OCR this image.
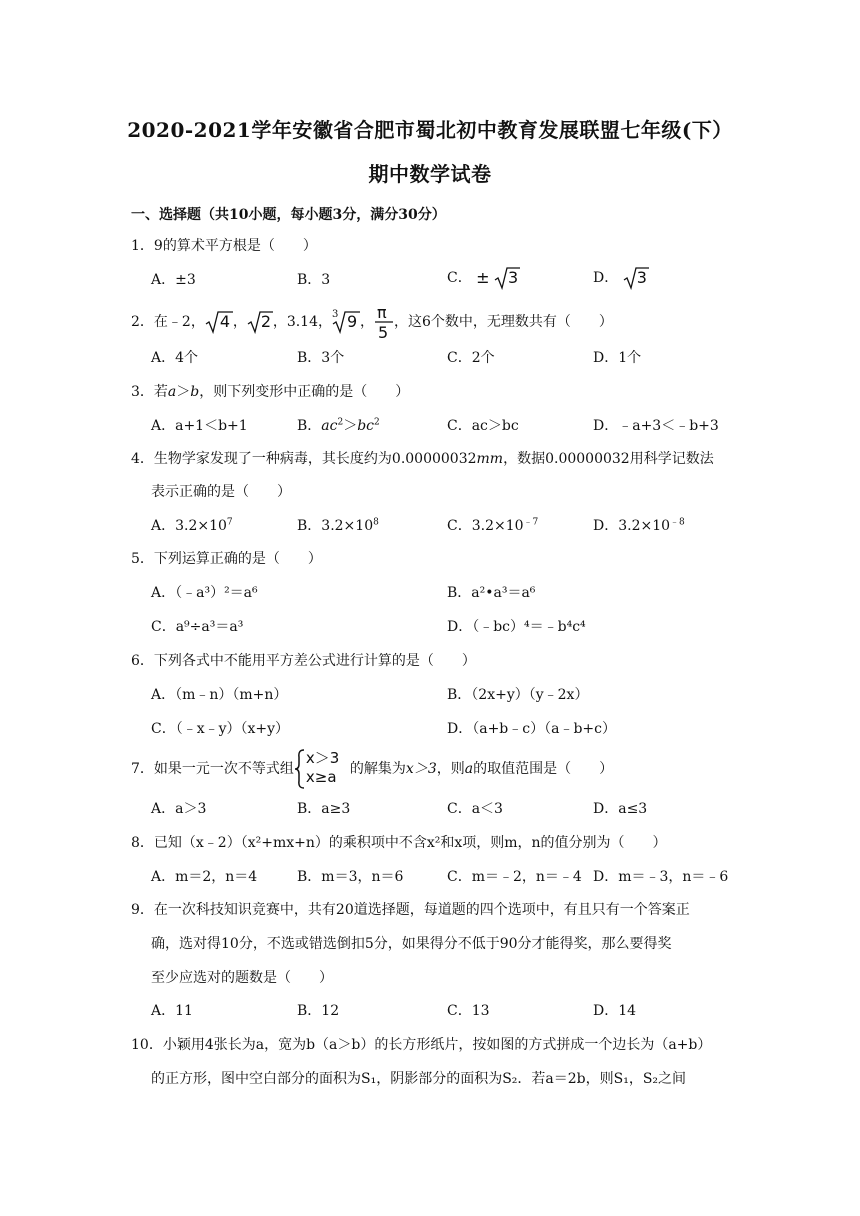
2020-2021学年安徽省合肥市蜀北初中教育发展联盟七年级(下）
期中数学试卷
一、选择题（共10小题，每小题3分，满分30分）
1．9的算术平方根是（　　）
A．±3	B．3	C． ± 3	D． 3
2．在﹣2， 4 ， 2 ，3.14， 3 9 ， π
5
，这6个数中，无理数共有（　　）
A．4个	B．3个	C．2个	D．1个
3．若a＞b，则下列变形中正确的是（　　）
A．a+1＜b+1	B．$ac^2>bc^2$	C．ac＞bc	D．﹣a+3＜﹣b+3
4．生物学家发现了一种病毒，其长度约为0.00000032mm，数据0.00000032用科学记数法
表示正确的是（　　）
A．$3.2\times 10^7$	B．$3.2\times 10^8$	C．$3.2\times 10^{﹣7}$	D．$3.2\times 10^{﹣8}$
5．下列运算正确的是（　　）
A．（﹣a³）²＝a⁶	B．a²•a³＝a⁶
C．a⁹÷a³＝a³	D．（﹣bc）⁴＝﹣b⁴c⁴
6．下列各式中不能用平方差公式进行计算的是（　　）
A．（m﹣n）（m+n）	B．（2x+y）（y﹣2x）
C．（﹣x﹣y）（x+y）	D．（a+b﹣c）（a﹣b+c）
7．如果一元一次不等式组
x＞3
x≥a 的解集为x＞3，则a的取值范围是（　　）
A．a＞3	B．a≥3	C．a＜3	D．a≤3
8．已知（x﹣2）（x²+mx+n）的乘积项中不含x²和x项，则m，n的值分别为（　　）
A．m＝2，n＝4	B．m＝3，n＝6	C．m＝﹣2，n＝﹣4 D．m＝﹣3，n＝﹣6
9．在一次科技知识竞赛中，共有20道选择题，每道题的四个选项中，有且只有一个答案正
确，选对得10分，不选或错选倒扣5分，如果得分不低于90分才能得奖，那么要得奖
至少应选对的题数是（　　）
A．11	B．12	C．13	D．14
10．小颖用4张长为a，宽为b（a＞b）的长方形纸片，按如图的方式拼成一个边长为（a+b）
的正方形，图中空白部分的面积为S₁，阴影部分的面积为S₂．若a＝2b，则S₁，S₂之间
